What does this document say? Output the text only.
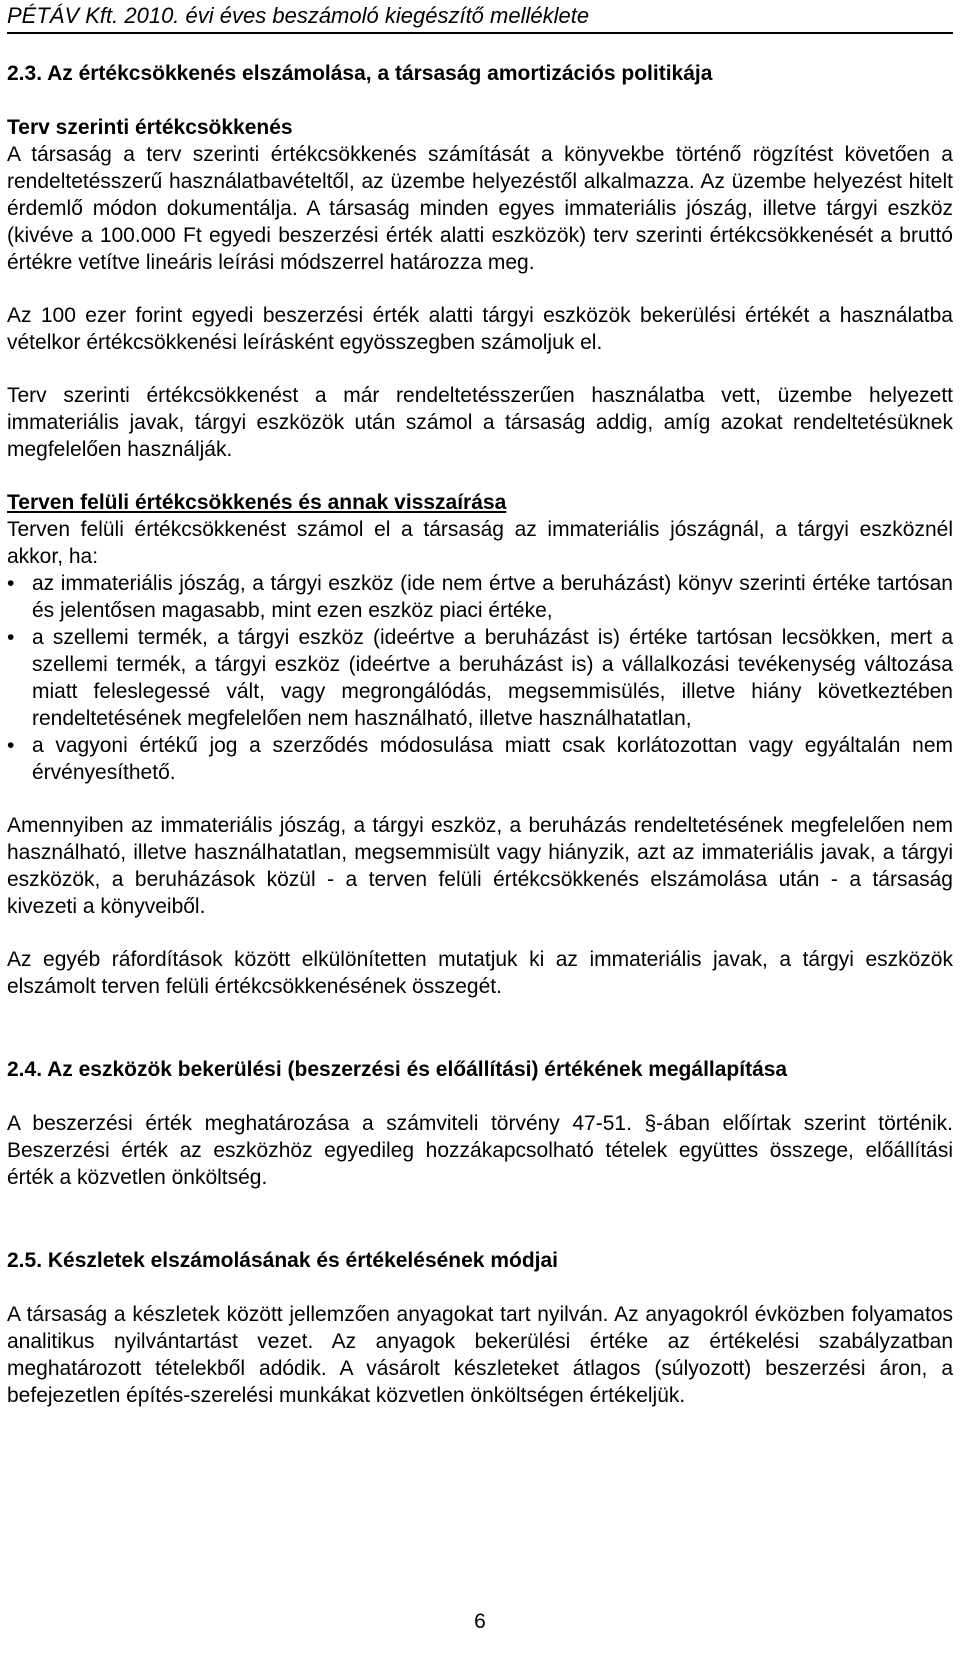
PÉTÁV Kft. 2010. évi éves beszámoló kiegészítő melléklete

2.3. Az értékcsökkenés elszámolása, a társaság amortizációs politikája

Terv szerinti értékcsökkenés

A társaság a terv szerinti értékcsökkenés számítását a könyvekbe történő rögzítést követően a rendeltetésszerű használatbavételtől, az üzembe helyezéstől alkalmazza. Az üzembe helyezést hitelt érdemlő módon dokumentálja. A társaság minden egyes immateriális jószág, illetve tárgyi eszköz (kivéve a 100.000 Ft egyedi beszerzési érték alatti eszközök) terv szerinti értékcsökkenését a bruttó értékre vetítve lineáris leírási módszerrel határozza meg.

Az 100 ezer forint egyedi beszerzési érték alatti tárgyi eszközök bekerülési értékét a használatba vételkor értékcsökkenési leírásként egyösszegben számoljuk el.

Terv szerinti értékcsökkenést a már rendeltetésszerűen használatba vett, üzembe helyezett immateriális javak, tárgyi eszközök után számol a társaság addig, amíg azokat rendeltetésüknek megfelelően használják.

Terven felüli értékcsökkenés és annak visszaírása

Terven felüli értékcsökkenést számol el a társaság az immateriális jószágnál, a tárgyi eszköznél akkor, ha:

• az immateriális jószág, a tárgyi eszköz (ide nem értve a beruházást) könyv szerinti értéke tartósan és jelentősen magasabb, mint ezen eszköz piaci értéke,
• a szellemi termék, a tárgyi eszköz (ideértve a beruházást is) értéke tartósan lecsökken, mert a szellemi termék, a tárgyi eszköz (ideértve a beruházást is) a vállalkozási tevékenység változása miatt feleslegessé vált, vagy megrongálódás, megsemmisülés, illetve hiány következtében rendeltetésének megfelelően nem használható, illetve használhatatlan,
• a vagyoni értékű jog a szerződés módosulása miatt csak korlátozottan vagy egyáltalán nem érvényesíthető.

Amennyiben az immateriális jószág, a tárgyi eszköz, a beruházás rendeltetésének megfelelően nem használható, illetve használhatatlan, megsemmisült vagy hiányzik, azt az immateriális javak, a tárgyi eszközök, a beruházások közül - a terven felüli értékcsökkenés elszámolása után - a társaság kivezeti a könyveiből.

Az egyéb ráfordítások között elkülönítetten mutatjuk ki az immateriális javak, a tárgyi eszközök elszámolt terven felüli értékcsökkenésének összegét.

2.4. Az eszközök bekerülési (beszerzési és előállítási) értékének megállapítása

A beszerzési érték meghatározása a számviteli törvény 47-51. §-ában előírtak szerint történik. Beszerzési érték az eszközhöz egyedileg hozzákapcsolható tételek együttes összege, előállítási érték a közvetlen önköltség.

2.5. Készletek elszámolásának és értékelésének módjai

A társaság a készletek között jellemzően anyagokat tart nyilván. Az anyagokról évközben folyamatos analitikus nyilvántartást vezet. Az anyagok bekerülési értéke az értékelési szabályzatban meghatározott tételekből adódik. A vásárolt készleteket átlagos (súlyozott) beszerzési áron, a befejezetlen építés-szerelési munkákat közvetlen önköltségen értékeljük.

6
